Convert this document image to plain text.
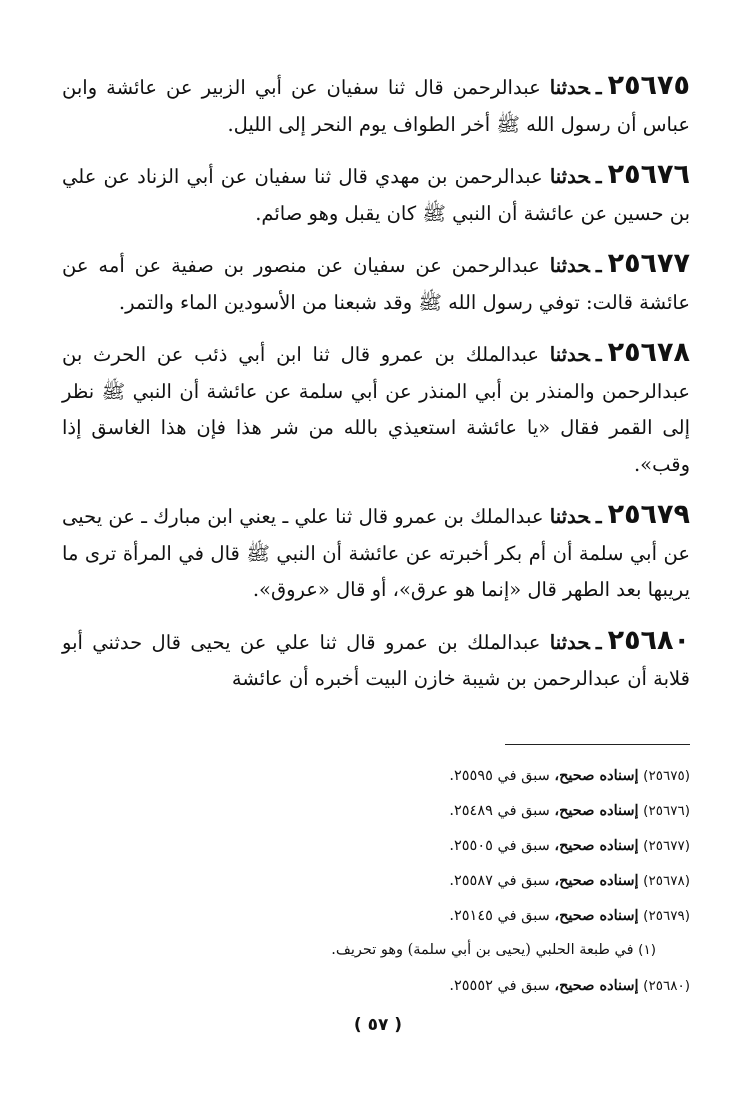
٢٥٦٧٥ـحدثنا عبدالرحمن قال ثنا سفيان عن أبي الزبير عن عائشة وابن عباس أن رسول الله ﷺ أخر الطواف يوم النحر إلى الليل.

٢٥٦٧٦ـحدثنا عبدالرحمن بن مهدي قال ثنا سفيان عن أبي الزناد عن علي بن حسين عن عائشة أن النبي ﷺ كان يقبل وهو صائم.

٢٥٦٧٧ـحدثنا عبدالرحمن عن سفيان عن منصور بن صفية عن أمه عن عائشة قالت: توفي رسول الله ﷺ وقد شبعنا من الأسودين الماء والتمر.

٢٥٦٧٨ـحدثنا عبدالملك بن عمرو قال ثنا ابن أبي ذئب عن الحرث بن عبدالرحمن والمنذر بن أبي المنذر عن أبي سلمة عن عائشة أن النبي ﷺ نظر إلى القمر فقال «يا عائشة استعيذي بالله من شر هذا فإن هذا الغاسق إذا وقب».

٢٥٦٧٩ـحدثنا عبدالملك بن عمرو قال ثنا علي ـ يعني ابن مبارك ـ عن يحيى عن أبي سلمة أن أم بكر أخبرته عن عائشة أن النبي ﷺ قال في المرأة ترى ما يريبها بعد الطهر قال «إنما هو عرق»، أو قال «عروق».

٢٥٦٨٠ـحدثنا عبدالملك بن عمرو قال ثنا علي عن يحيى قال حدثني أبو قلابة أن عبدالرحمن بن شيبة خازن البيت أخبره أن عائشة

(٢٥٦٧٥) إسناده صحيح، سبق في ٢٥٥٩٥.
(٢٥٦٧٦) إسناده صحيح، سبق في ٢٥٤٨٩.
(٢٥٦٧٧) إسناده صحيح، سبق في ٢٥٥٠٥.
(٢٥٦٧٨) إسناده صحيح، سبق في ٢٥٥٨٧.
(٢٥٦٧٩) إسناده صحيح، سبق في ٢٥١٤٥.
(١) في طبعة الحلبي (يحيى بن أبي سلمة) وهو تحريف.
(٢٥٦٨٠) إسناده صحيح، سبق في ٢٥٥٥٢.
( ٥٧ )
